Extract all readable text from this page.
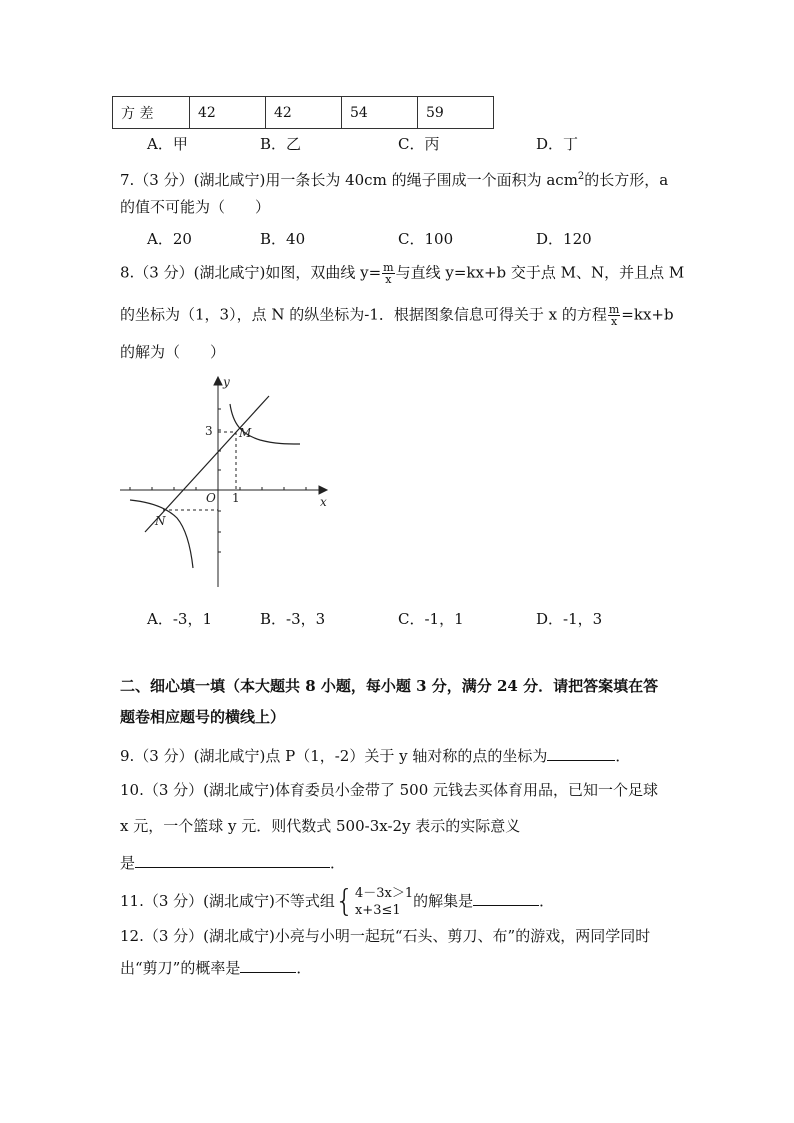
方 差	42	42	54	59
A．甲	B．乙	C．丙	D．丁
7.（3 分）(湖北咸宁)用一条长为 40cm 的绳子围成一个面积为 acm$^2$的长方形，a
的值不可能为（　　）
A．20	B．40	C．100	D．120
8.（3 分）(湖北咸宁)如图，双曲线 $y= \frac{m}{x}$ 与直线 y=kx+b 交于点 M、N，并且点 M
的坐标为（1，3），点 N 的纵坐标为-1．根据图象信息可得关于 x 的方程 $\frac{m}{x} =kx+b$
的解为（　　）
y
x
O
M
N
1
3
A．-3，1	B．-3，3	C．-1，1	D．-1，3
二、细心填一填（本大题共 8 小题，每小题 3 分，满分 24 分．请把答案填在答
题卷相应题号的横线上）
9.（3 分）(湖北咸宁)点 P（1，-2）关于 y 轴对称的点的坐标为	．
10.（3 分）(湖北咸宁)体育委员小金带了 500 元钱去买体育用品，已知一个足球
x 元，一个篮球 y 元．则代数式 500-3x-2y 表示的实际意义
是	．
11.（3 分）(湖北咸宁)不等式组{ 4－3x＞1
x+3≤1
的解集是	．
12.（3 分）(湖北咸宁)小亮与小明一起玩“石头、剪刀、布”的游戏，两同学同时
出“剪刀”的概率是	．
